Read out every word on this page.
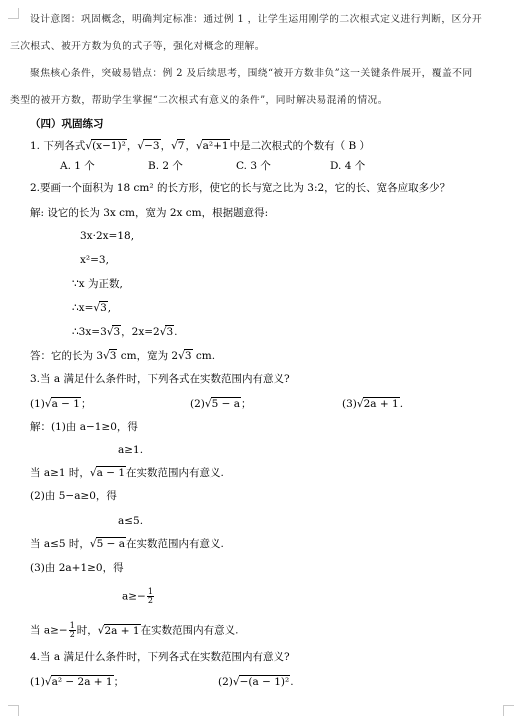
设计意图：巩固概念，明确判定标准：通过例 1 ，让学生运用刚学的二次根式定义进行判断，区分开
三次根式、被开方数为负的式子等，强化对概念的理解。
聚焦核心条件，突破易错点：例 2 及后续思考，围绕“被开方数非负”这一关键条件展开，覆盖不同
类型的被开方数，帮助学生掌握“二次根式有意义的条件”，同时解决易混淆的情况。
（四）巩固练习
1. 下列各式√(x−1)²，√−3，√7，√a²+1中是二次根式的个数有（ B ）
A. 1 个	B. 2 个	C. 3 个	D. 4 个
2.要画一个面积为 18 cm² 的长方形，使它的长与宽之比为 3:2，它的长、宽各应取多少？
解: 设它的长为 3x cm，宽为 2x cm，根据题意得:
3x·2x=18,
x²=3,
∵x 为正数,
∴x=√3,
∴3x=3√3，2x=2√3.
答：它的长为 3√3 cm，宽为 2√3 cm.
3.当 a 满足什么条件时，下列各式在实数范围内有意义?
(1)√a − 1；	(2)√5 − a；	(3)√2a + 1.
解：(1)由 a−1≥0，得
a≥1.
当 a≥1 时，√a − 1在实数范围内有意义.
(2)由 5−a≥0，得
a≤5.
当 a≤5 时，√5 − a在实数范围内有意义.
(3)由 2a+1≥0，得
$a\ge- \frac{1}{2}$
当 $a\ge- \frac{1}{2}$ 时，√2a + 1在实数范围内有意义.
4.当 a 满足什么条件时，下列各式在实数范围内有意义?
(1)√a² − 2a + 1；	(2)√−(a − 1)².
